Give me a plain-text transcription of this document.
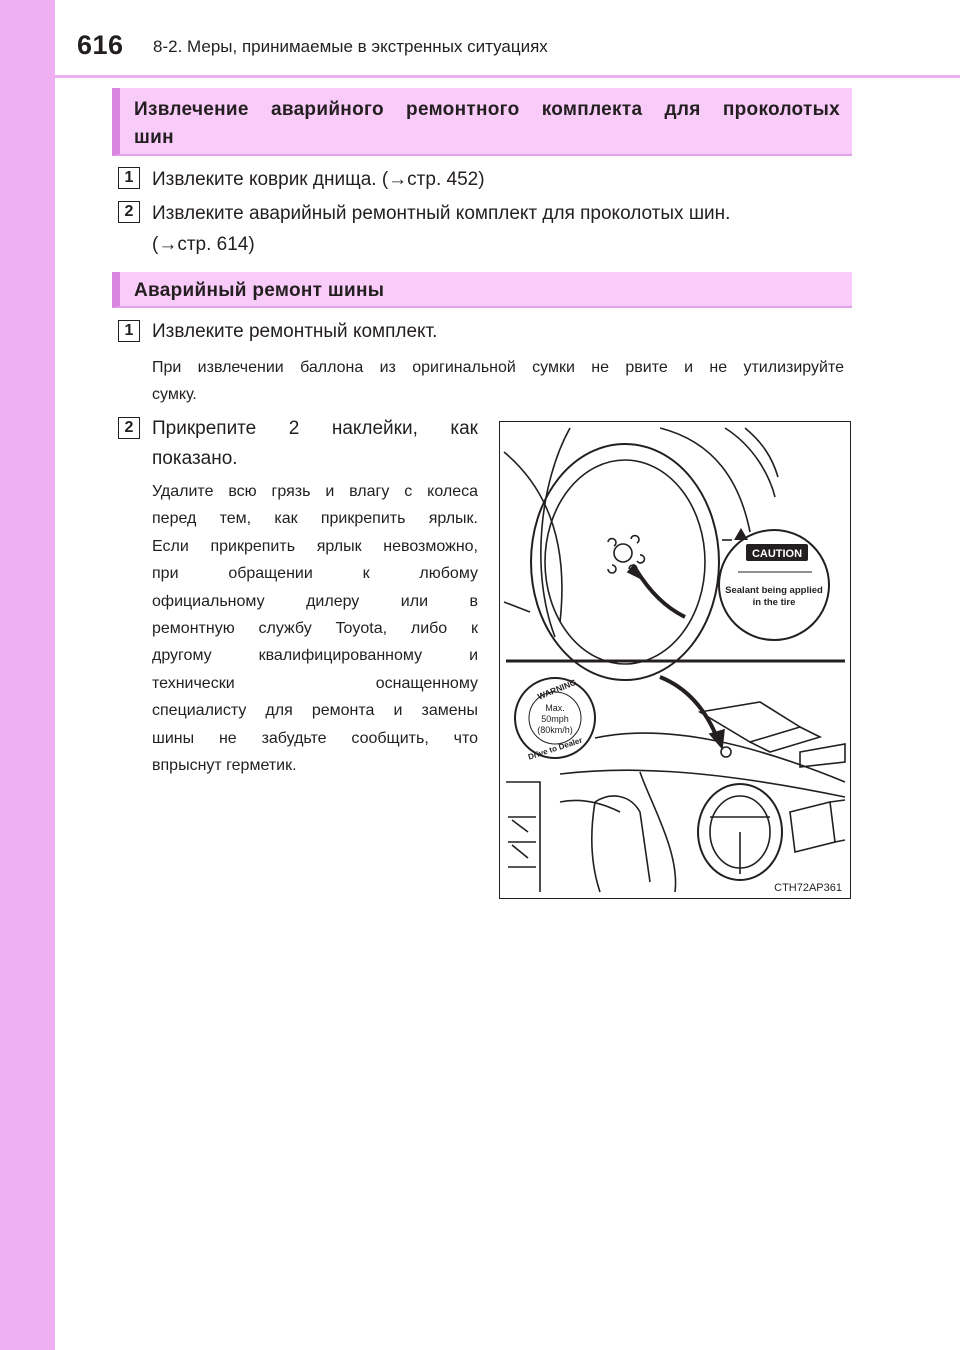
616 8-2. Меры, принимаемые в экстренных ситуациях
Извлечение аварийного ремонтного комплекта для проколотых шин
1 Извлеките коврик днища. (→стр. 452)
2 Извлеките аварийный ремонтный комплект для проколотых шин.
(→стр. 614)
Аварийный ремонт шины
1 Извлеките ремонтный комплект.
При извлечении баллона из оригинальной сумки не рвите и не утилизируйте
сумку.
2 Прикрепите 2 наклейки, как
показано.
Удалите всю грязь и влагу с колеса
перед тем, как прикрепить ярлык.
Если прикрепить ярлык невозможно,
при обращении к любому
официальному дилеру или в
ремонтную службу Toyota, либо к
другому квалифицированному и
технически оснащенному
специалисту для ремонта и замены
шины не забудьте сообщить, что
впрыснут герметик.
CAUTION
Sealant being applied
in the tire
WARNING
Max.
50mph
(80km/h)
Drive to Dealer
CTH72AP361
